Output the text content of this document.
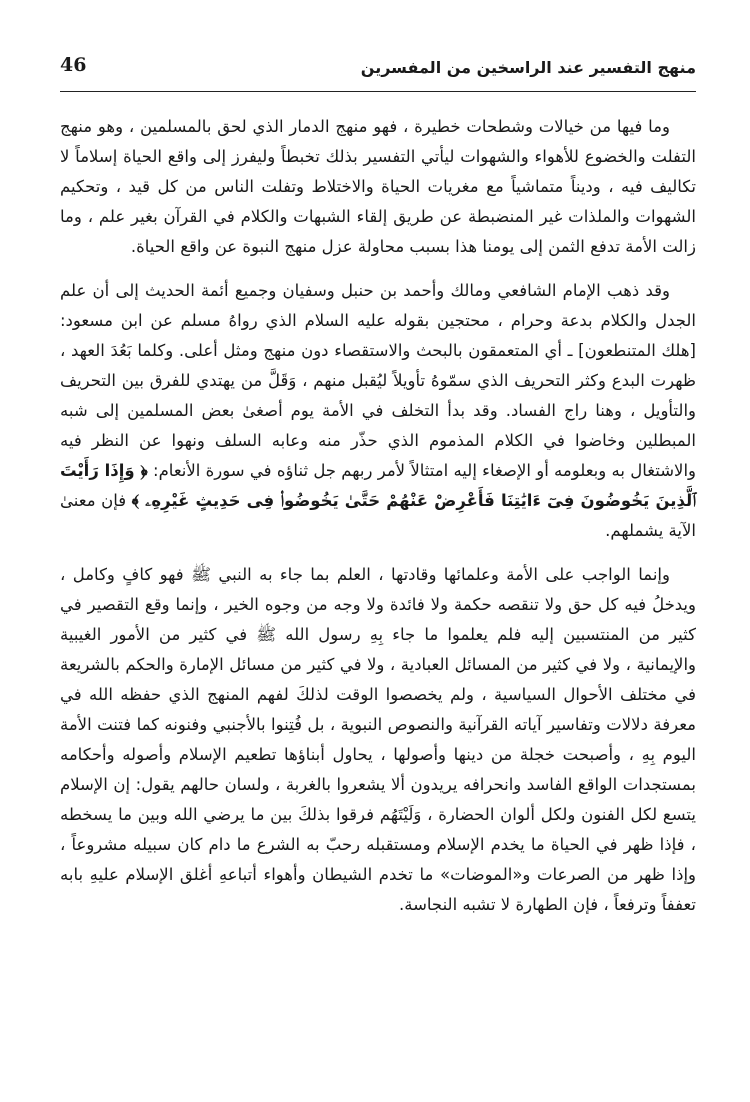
46	منهج التفسير عند الراسخين من المفسرين

وما فيها من خيالات وشطحات خطيرة ، فهو منهج الدمار الذي لحق بالمسلمين ، وهو منهج التفلت والخضوع للأهواء والشهوات ليأتي التفسير بذلك تخبطاً وليفرز إلى واقع الحياة إسلاماً لا تكاليف فيه ، وديناً متماشياً مع مغريات الحياة والاختلاط وتفلت الناس من كل قيد ، وتحكيم الشهوات والملذات غير المنضبطة عن طريق إلقاء الشبهات والكلام في القرآن بغير علم ، وما زالت الأمة تدفع الثمن إلى يومنا هذا بسبب محاولة عزل منهج النبوة عن واقع الحياة.

وقد ذهب الإمام الشافعي ومالك وأحمد بن حنبل وسفيان وجميع أئمة الحديث إلى أن علم الجدل والكلام بدعة وحرام ، محتجين بقوله عليه السلام الذي رواهُ مسلم عن ابن مسعود: [هلك المتنطعون] ـ أي المتعمقون بالبحث والاستقصاء دون منهج ومثل أعلى. وكلما بَعُدَ العهد ، ظهرت البدع وكثر التحريف الذي سمّوهُ تأويلاً ليُقبل منهم ، وَقَلَّ من يهتدي للفرق بين التحريف والتأويل ، وهنا راج الفساد. وقد بدأ التخلف في الأمة يوم أصغىٰ بعض المسلمين إلى شبه المبطلين وخاضوا في الكلام المذموم الذي حذّر منه وعابه السلف ونهوا عن النظر فيه والاشتغال به وبعلومه أو الإصغاء إليه امتثالاً لأمر ربهم جل ثناؤه في سورة الأنعام: ﴿ وَإِذَا رَأَيْتَ ٱلَّذِينَ يَخُوضُونَ فِىٓ ءَايَٰتِنَا فَأَعْرِضْ عَنْهُمْ حَتَّىٰ يَخُوضُوا۟ فِى حَدِيثٍ غَيْرِهِۦ ﴾ فإن معنىٰ الآية يشملهم.

وإنما الواجب على الأمة وعلمائها وقادتها ، العلم بما جاء به النبي ﷺ فهو كافٍ وكامل ، ويدخلُ فيه كل حق ولا تنقصه حكمة ولا فائدة ولا وجه من وجوه الخير ، وإنما وقع التقصير في كثير من المنتسبين إليه فلم يعلموا ما جاء بِهِ رسول الله ﷺ في كثير من الأمور الغيبية والإيمانية ، ولا في كثير من المسائل العبادية ، ولا في كثير من مسائل الإمارة والحكم بالشريعة في مختلف الأحوال السياسية ، ولم يخصصوا الوقت لذلكَ لفهم المنهج الذي حفظه الله في معرفة دلالات وتفاسير آياته القرآنية والنصوص النبوية ، بل فُتِنوا بالأجنبي وفنونه كما فتنت الأمة اليوم بِهِ ، وأصبحت خجلة من دينها وأصولها ، يحاول أبناؤها تطعيم الإسلام وأصوله وأحكامه بمستجدات الواقع الفاسد وانحرافه يريدون ألا يشعروا بالغربة ، ولسان حالهم يقول: إن الإسلام يتسع لكل الفنون ولكل ألوان الحضارة ، وَلَيْتَهُم فرقوا بذلكَ بين ما يرضي الله وبين ما يسخطه ، فإذا ظهر في الحياة ما يخدم الإسلام ومستقبله رحبّ به الشرع ما دام كان سبيله مشروعاً ، وإذا ظهر من الصرعات و«الموضات» ما تخدم الشيطان وأهواء أتباعهِ أغلق الإسلام عليهِ بابه تعففاً وترفعاً ، فإن الطهارة لا تشبه النجاسة.
